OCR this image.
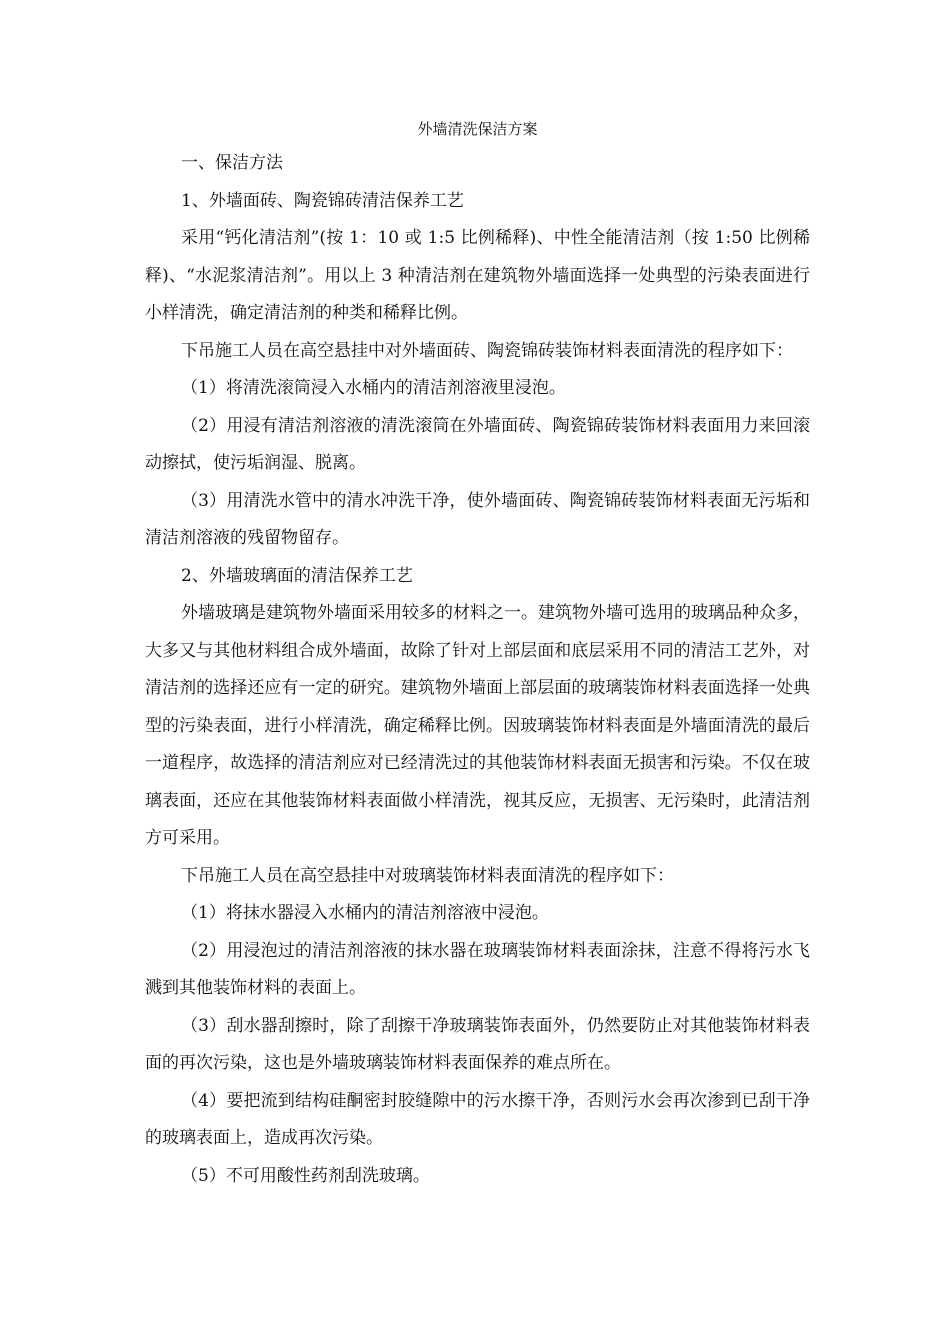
外墙清洗保洁方案

一、保洁方法

1、外墙面砖、陶瓷锦砖清洁保养工艺

采用“钙化清洁剂”(按 1：10 或 1:5 比例稀释)、中性全能清洁剂（按 1:50 比例稀释)、“水泥浆清洁剂”。用以上 3 种清洁剂在建筑物外墙面选择一处典型的污染表面进行小样清洗，确定清洁剂的种类和稀释比例。

下吊施工人员在高空悬挂中对外墙面砖、陶瓷锦砖装饰材料表面清洗的程序如下：

（1）将清洗滚筒浸入水桶内的清洁剂溶液里浸泡。

（2）用浸有清洁剂溶液的清洗滚筒在外墙面砖、陶瓷锦砖装饰材料表面用力来回滚动擦拭，使污垢润湿、脱离。

（3）用清洗水管中的清水冲洗干净，使外墙面砖、陶瓷锦砖装饰材料表面无污垢和清洁剂溶液的残留物留存。

2、外墙玻璃面的清洁保养工艺

外墙玻璃是建筑物外墙面采用较多的材料之一。建筑物外墙可选用的玻璃品种众多，大多又与其他材料组合成外墙面，故除了针对上部层面和底层采用不同的清洁工艺外，对清洁剂的选择还应有一定的研究。建筑物外墙面上部层面的玻璃装饰材料表面选择一处典型的污染表面，进行小样清洗，确定稀释比例。因玻璃装饰材料表面是外墙面清洗的最后一道程序，故选择的清洁剂应对已经清洗过的其他装饰材料表面无损害和污染。不仅在玻璃表面，还应在其他装饰材料表面做小样清洗，视其反应，无损害、无污染时，此清洁剂方可采用。

下吊施工人员在高空悬挂中对玻璃装饰材料表面清洗的程序如下：

（1）将抹水器浸入水桶内的清洁剂溶液中浸泡。

（2）用浸泡过的清洁剂溶液的抹水器在玻璃装饰材料表面涂抹，注意不得将污水飞溅到其他装饰材料的表面上。

（3）刮水器刮擦时，除了刮擦干净玻璃装饰表面外，仍然要防止对其他装饰材料表面的再次污染，这也是外墙玻璃装饰材料表面保养的难点所在。

（4）要把流到结构硅酮密封胶缝隙中的污水擦干净，否则污水会再次渗到已刮干净的玻璃表面上，造成再次污染。

（5）不可用酸性药剂刮洗玻璃。
